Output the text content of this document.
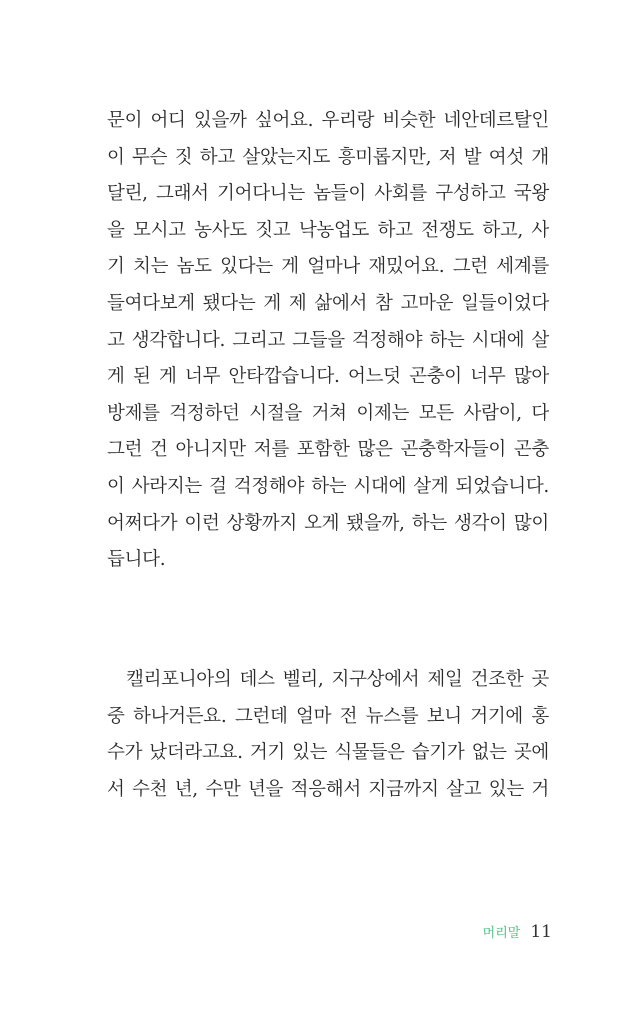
문이 어디 있을까 싶어요. 우리랑 비슷한 네안데르탈인
이 무슨 짓 하고 살았는지도 흥미롭지만, 저 발 여섯 개
달린, 그래서 기어다니는 놈들이 사회를 구성하고 국왕
을 모시고 농사도 짓고 낙농업도 하고 전쟁도 하고, 사
기 치는 놈도 있다는 게 얼마나 재밌어요. 그런 세계를
들여다보게 됐다는 게 제 삶에서 참 고마운 일들이었다
고 생각합니다. 그리고 그들을 걱정해야 하는 시대에 살
게 된 게 너무 안타깝습니다. 어느덧 곤충이 너무 많아
방제를 걱정하던 시절을 거쳐 이제는 모든 사람이, 다
그런 건 아니지만 저를 포함한 많은 곤충학자들이 곤충
이 사라지는 걸 걱정해야 하는 시대에 살게 되었습니다.
어쩌다가 이런 상황까지 오게 됐을까, 하는 생각이 많이
듭니다.
캘리포니아의 데스 벨리, 지구상에서 제일 건조한 곳
중 하나거든요. 그런데 얼마 전 뉴스를 보니 거기에 홍
수가 났더라고요. 거기 있는 식물들은 습기가 없는 곳에
서 수천 년, 수만 년을 적응해서 지금까지 살고 있는 거
머리말 11
